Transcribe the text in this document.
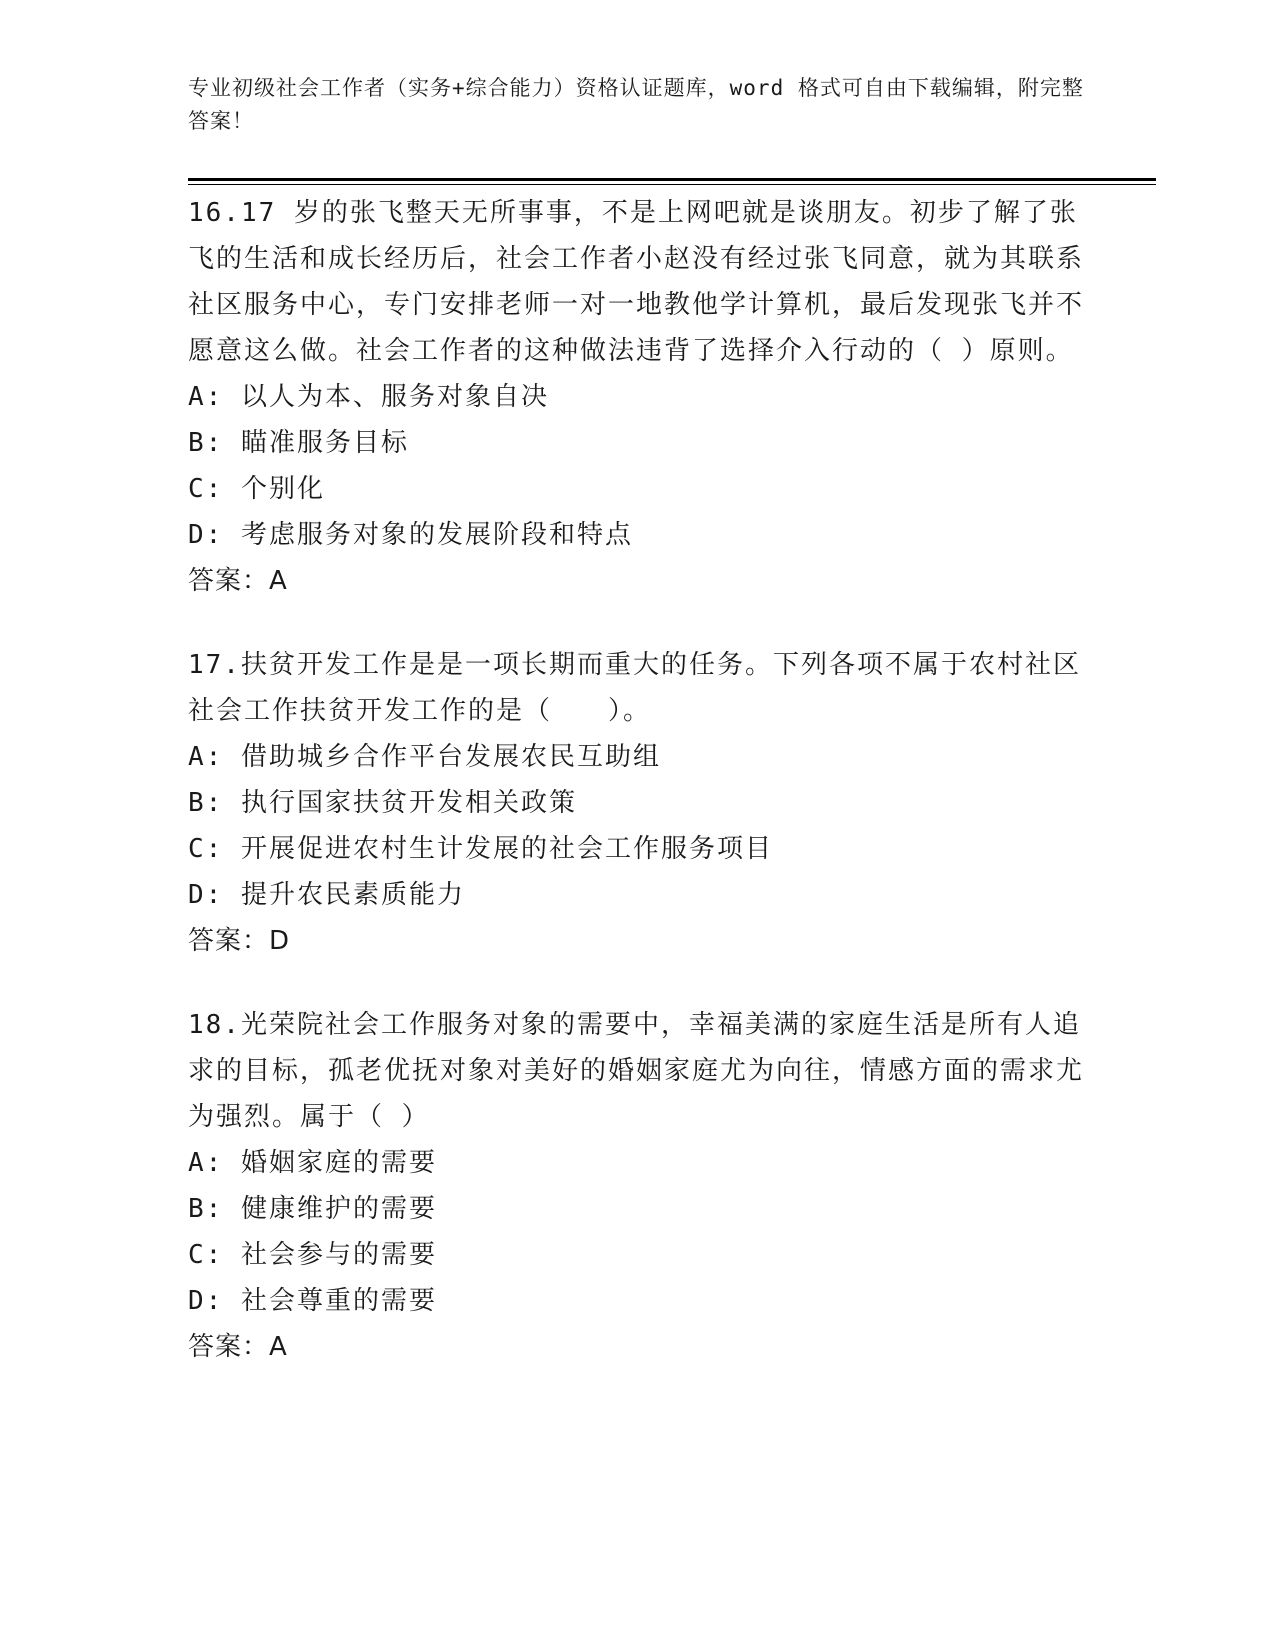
专业初级社会工作者（实务+综合能力）资格认证题库，word 格式可自由下载编辑，附完整答案！
16.17 岁的张飞整天无所事事，不是上网吧就是谈朋友。初步了解了张飞的生活和成长经历后，社会工作者小赵没有经过张飞同意，就为其联系社区服务中心，专门安排老师一对一地教他学计算机，最后发现张飞并不愿意这么做。社会工作者的这种做法违背了选择介入行动的（ ）原则。
A: 以人为本、服务对象自决
B: 瞄准服务目标
C: 个别化
D: 考虑服务对象的发展阶段和特点
答案：A
17.扶贫开发工作是是一项长期而重大的任务。下列各项不属于农村社区社会工作扶贫开发工作的是（　　）。
A: 借助城乡合作平台发展农民互助组
B: 执行国家扶贫开发相关政策
C: 开展促进农村生计发展的社会工作服务项目
D: 提升农民素质能力
答案：D
18.光荣院社会工作服务对象的需要中，幸福美满的家庭生活是所有人追求的目标，孤老优抚对象对美好的婚姻家庭尤为向往，情感方面的需求尤为强烈。属于（ ）
A: 婚姻家庭的需要
B: 健康维护的需要
C: 社会参与的需要
D: 社会尊重的需要
答案：A
